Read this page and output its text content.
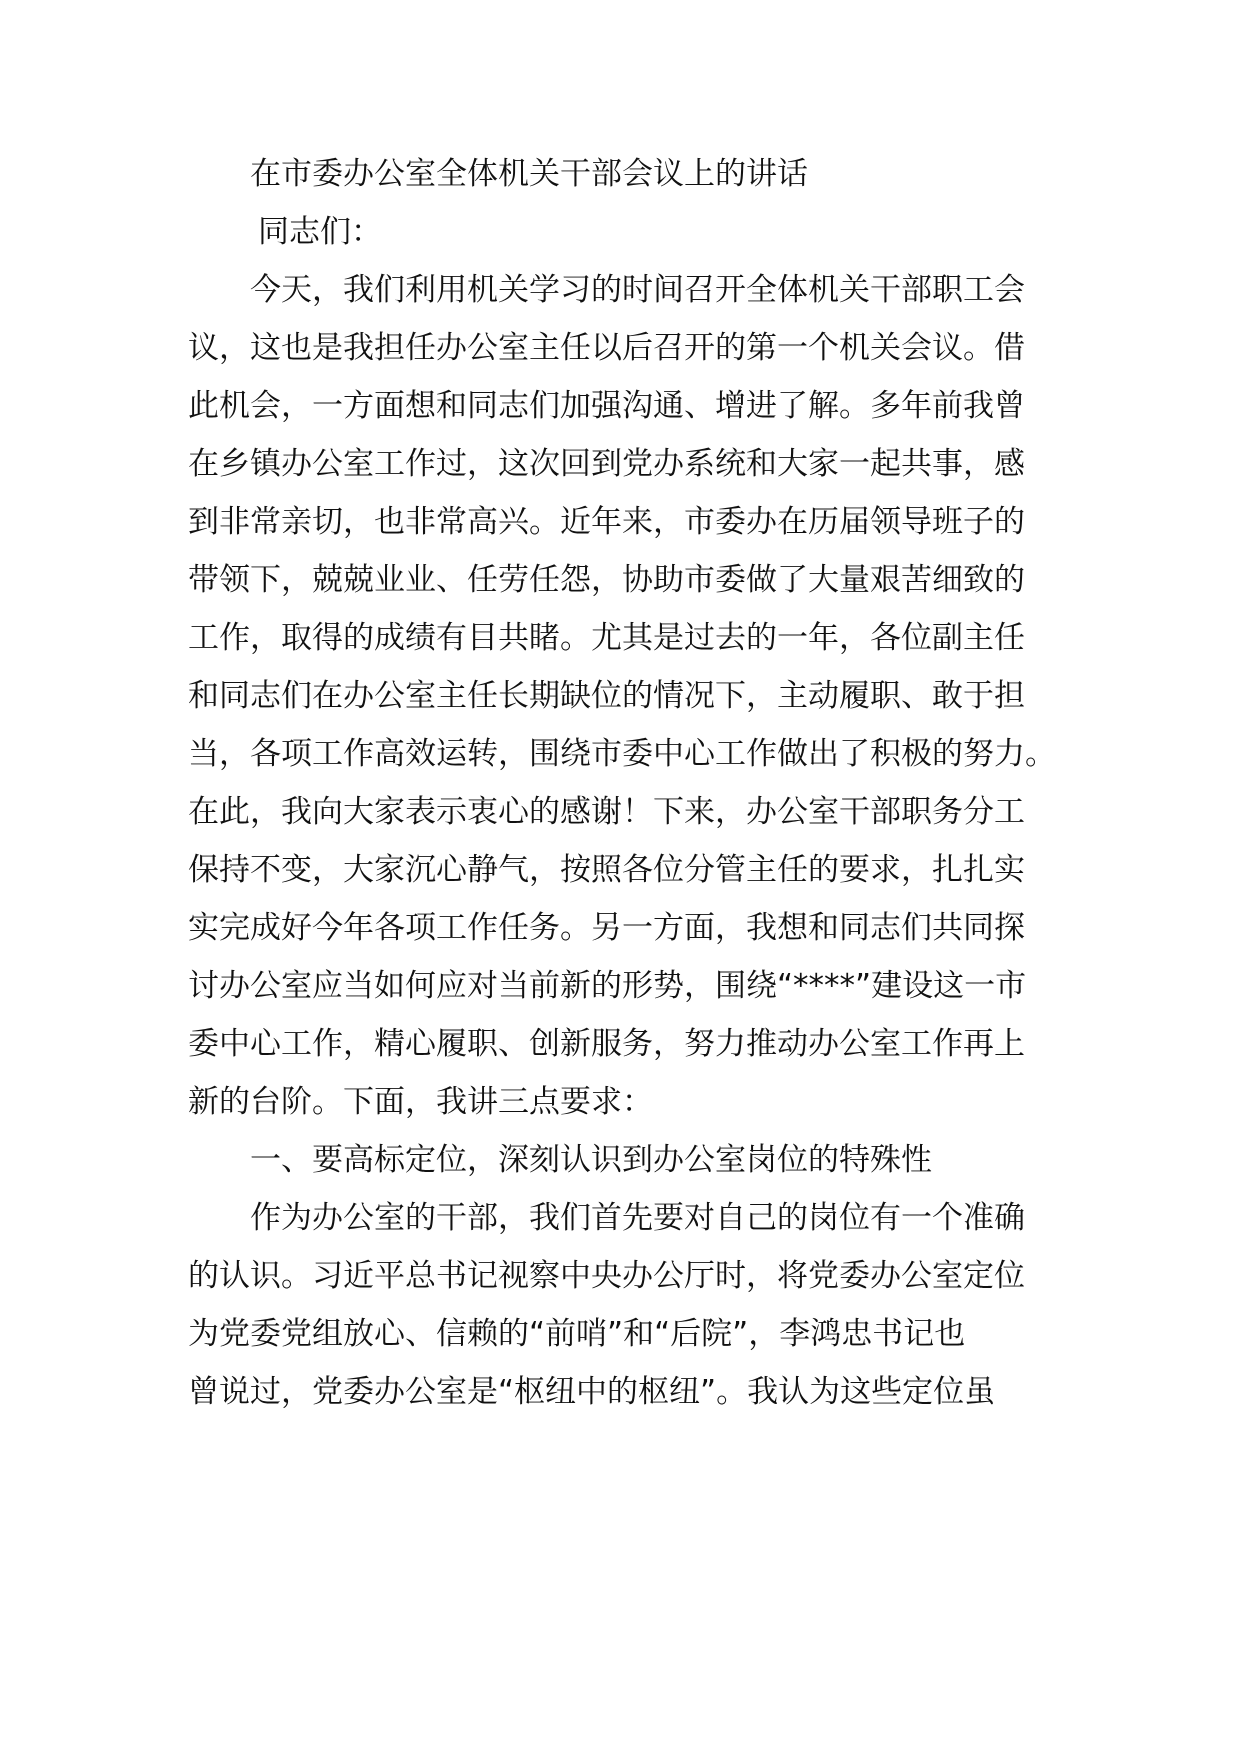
在市委办公室全体机关干部会议上的讲话
同志们：
今天，我们利用机关学习的时间召开全体机关干部职工会
议，这也是我担任办公室主任以后召开的第一个机关会议。借
此机会，一方面想和同志们加强沟通、增进了解。多年前我曾
在乡镇办公室工作过，这次回到党办系统和大家一起共事，感
到非常亲切，也非常高兴。近年来，市委办在历届领导班子的
带领下，兢兢业业、任劳任怨，协助市委做了大量艰苦细致的
工作，取得的成绩有目共睹。尤其是过去的一年，各位副主任
和同志们在办公室主任长期缺位的情况下，主动履职、敢于担
当，各项工作高效运转，围绕市委中心工作做出了积极的努力。
在此，我向大家表示衷心的感谢！下来，办公室干部职务分工
保持不变，大家沉心静气，按照各位分管主任的要求，扎扎实
实完成好今年各项工作任务。另一方面，我想和同志们共同探
讨办公室应当如何应对当前新的形势，围绕“****”建设这一市
委中心工作，精心履职、创新服务，努力推动办公室工作再上
新的台阶。下面，我讲三点要求：
一、要高标定位，深刻认识到办公室岗位的特殊性
作为办公室的干部，我们首先要对自己的岗位有一个准确
的认识。习近平总书记视察中央办公厅时，将党委办公室定位
为党委党组放心、信赖的“前哨”和“后院”，李鸿忠书记也
曾说过，党委办公室是“枢纽中的枢纽”。我认为这些定位虽
